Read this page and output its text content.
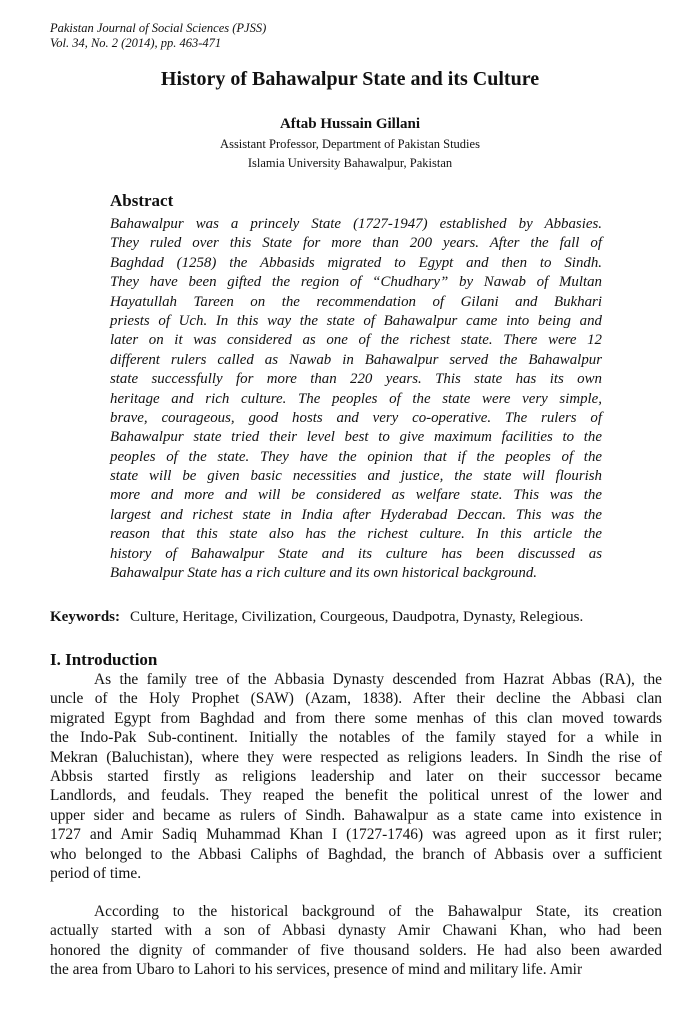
Pakistan Journal of Social Sciences (PJSS)
Vol. 34, No. 2 (2014), pp. 463-471
History of Bahawalpur State and its Culture
Aftab Hussain Gillani
Assistant Professor, Department of Pakistan Studies
Islamia University Bahawalpur, Pakistan
Abstract
Bahawalpur was a princely State (1727-1947) established by Abbasies.
They ruled over this State for more than 200 years. After the fall of
Baghdad (1258) the Abbasids migrated to Egypt and then to Sindh.
They have been gifted the region of “Chudhary” by Nawab of Multan
Hayatullah Tareen on the recommendation of Gilani and Bukhari
priests of Uch. In this way the state of Bahawalpur came into being and
later on it was considered as one of the richest state. There were 12
different rulers called as Nawab in Bahawalpur served the Bahawalpur
state successfully for more than 220 years. This state has its own
heritage and rich culture. The peoples of the state were very simple,
brave, courageous, good hosts and very co-operative. The rulers of
Bahawalpur state tried their level best to give maximum facilities to the
peoples of the state. They have the opinion that if the peoples of the
state will be given basic necessities and justice, the state will flourish
more and more and will be considered as welfare state. This was the
largest and richest state in India after Hyderabad Deccan. This was the
reason that this state also has the richest culture. In this article the
history of Bahawalpur State and its culture has been discussed as
Bahawalpur State has a rich culture and its own historical background.
Keywords: Culture, Heritage, Civilization, Courgeous, Daudpotra, Dynasty, Relegious.
I. Introduction
As the family tree of the Abbasia Dynasty descended from Hazrat Abbas (RA), the
uncle of the Holy Prophet (SAW) (Azam, 1838). After their decline the Abbasi clan
migrated Egypt from Baghdad and from there some menhas of this clan moved towards
the Indo-Pak Sub-continent. Initially the notables of the family stayed for a while in
Mekran (Baluchistan), where they were respected as religions leaders. In Sindh the rise of
Abbsis started firstly as religions leadership and later on their successor became
Landlords, and feudals. They reaped the benefit the political unrest of the lower and
upper sider and became as rulers of Sindh. Bahawalpur as a state came into existence in
1727 and Amir Sadiq Muhammad Khan I (1727-1746) was agreed upon as it first ruler;
who belonged to the Abbasi Caliphs of Baghdad, the branch of Abbasis over a sufficient
period of time.
According to the historical background of the Bahawalpur State, its creation
actually started with a son of Abbasi dynasty Amir Chawani Khan, who had been
honored the dignity of commander of five thousand solders. He had also been awarded
the area from Ubaro to Lahori to his services, presence of mind and military life. Amir
